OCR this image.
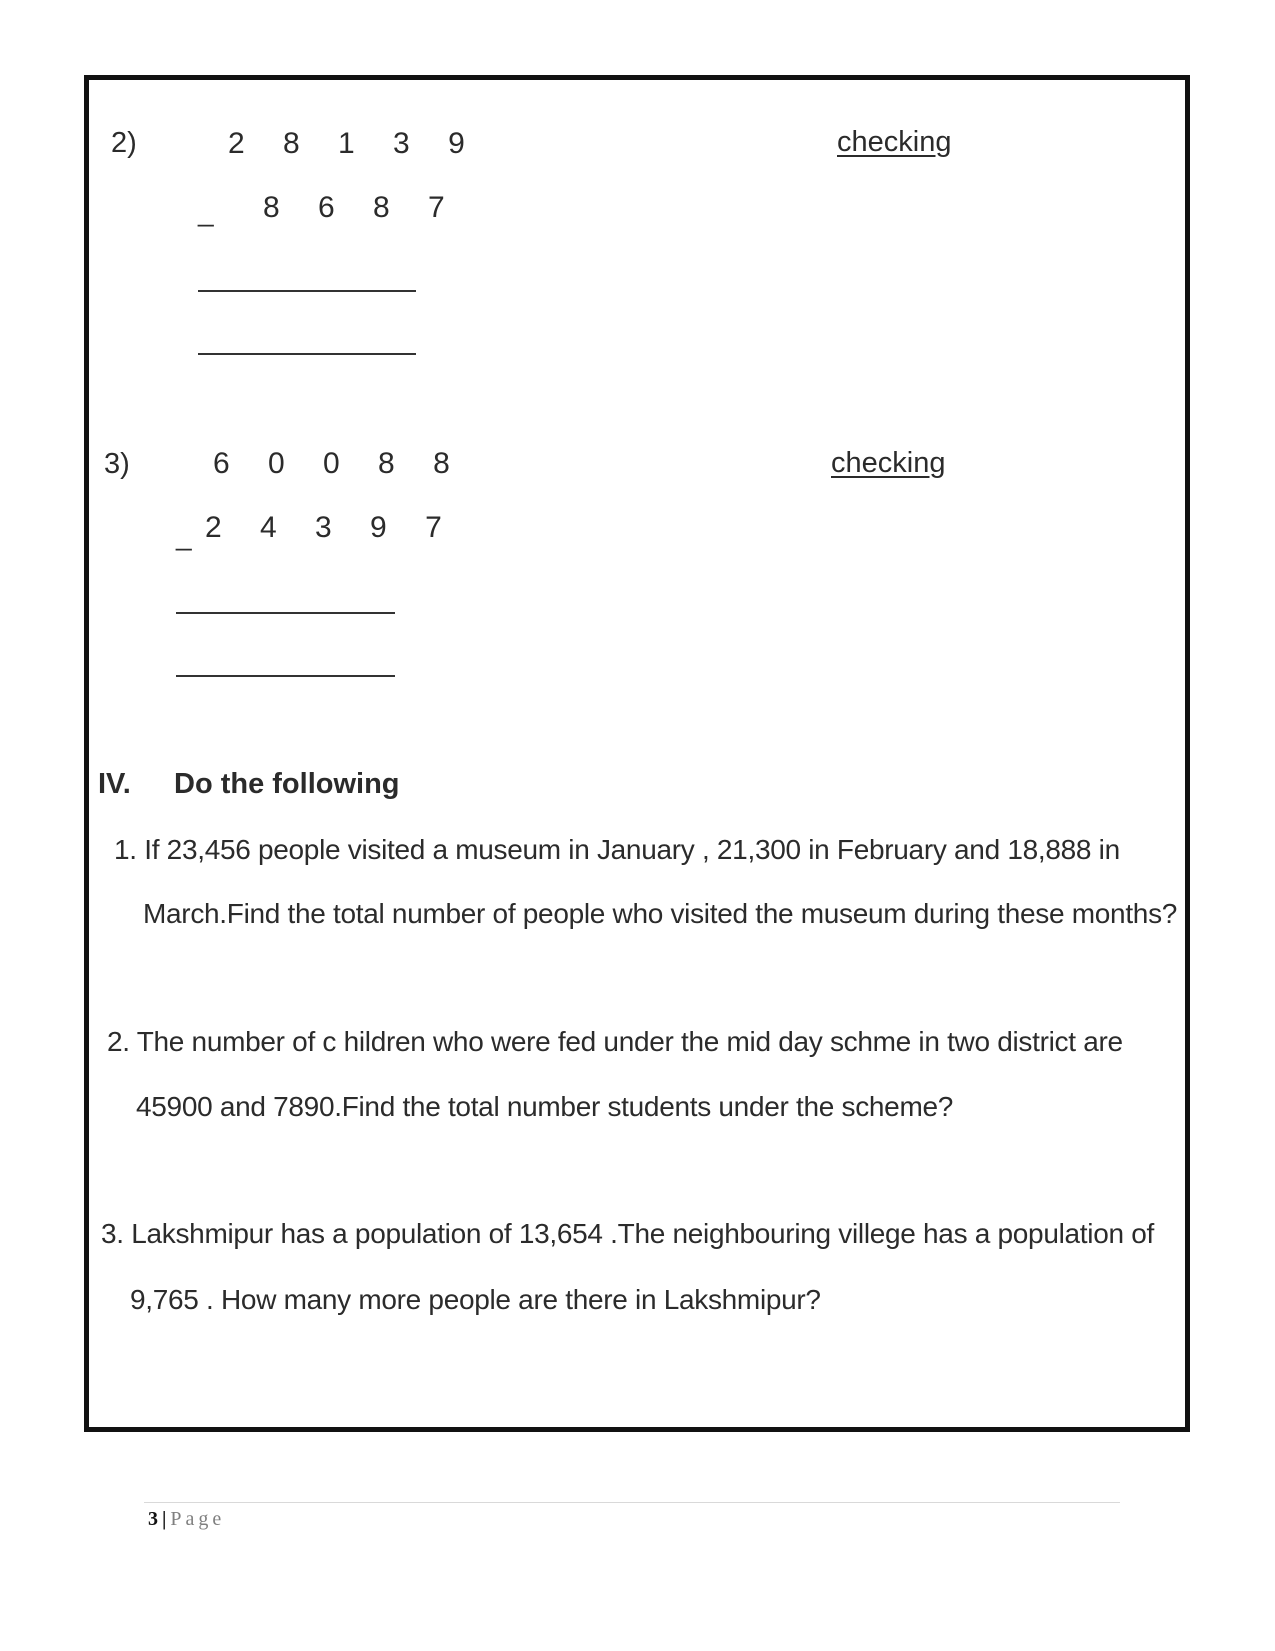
2)	2 8 1 3 9
_ 8 6 8 7
checking
3)	6 0 0 8 8
_ 2 4 3 9 7
checking
IV. Do the following
1. If 23,456 people visited a museum in January , 21,300 in February and 18,888 in
March.Find the total number of people who visited the museum during these months?
2. The number of c hildren who were fed under the mid day schme in two district are
45900 and 7890.Find the total number students under the scheme?
3. Lakshmipur has a population of 13,654 .The neighbouring villege has a population of
9,765 . How many more people are there in Lakshmipur?
3 | Page
